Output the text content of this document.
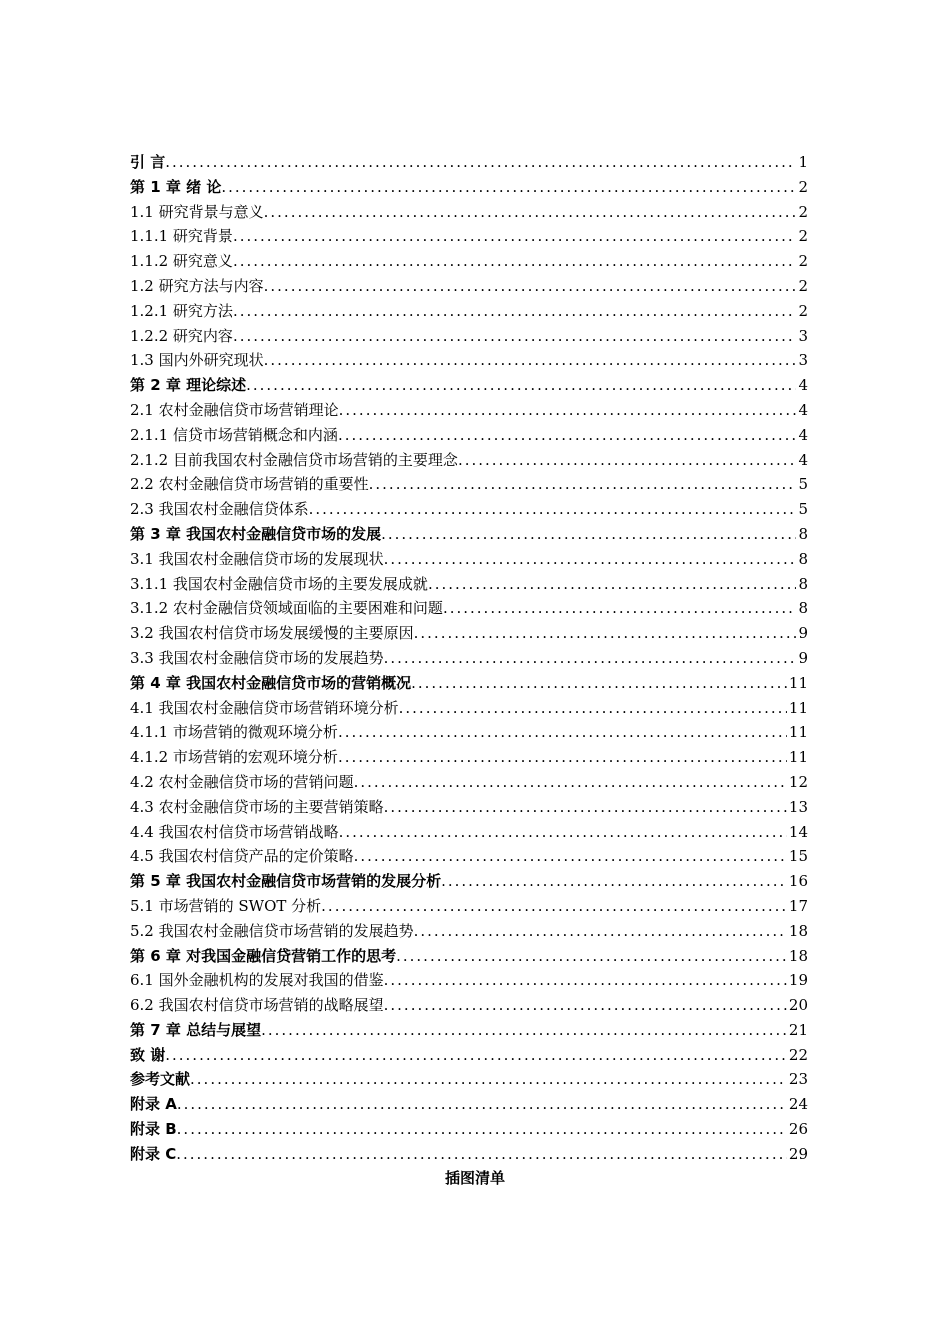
引 言 .....	1
第 1 章 绪 论 .....	2
1.1 研究背景与意义 .....	2
1.1.1 研究背景 .....	2
1.1.2 研究意义 .....	2
1.2 研究方法与内容 .....	2
1.2.1 研究方法 .....	2
1.2.2 研究内容 .....	3
1.3 国内外研究现状 .....	3
第 2 章 理论综述 .....	4
2.1 农村金融信贷市场营销理论 .....	4
2.1.1 信贷市场营销概念和内涵 .....	4
2.1.2 目前我国农村金融信贷市场营销的主要理念 .....	4
2.2 农村金融信贷市场营销的重要性 .....	5
2.3 我国农村金融信贷体系 .....	5
第 3 章 我国农村金融信贷市场的发展 .....	8
3.1 我国农村金融信贷市场的发展现状 .....	8
3.1.1 我国农村金融信贷市场的主要发展成就 .....	8
3.1.2 农村金融信贷领域面临的主要困难和问题 .....	8
3.2 我国农村信贷市场发展缓慢的主要原因 .....	9
3.3 我国农村金融信贷市场的发展趋势 .....	9
第 4 章 我国农村金融信贷市场的营销概况 .....	11
4.1 我国农村金融信贷市场营销环境分析 .....	11
4.1.1 市场营销的微观环境分析 .....	11
4.1.2 市场营销的宏观环境分析 .....	11
4.2 农村金融信贷市场的营销问题 .....	12
4.3 农村金融信贷市场的主要营销策略 .....	13
4.4 我国农村信贷市场营销战略 .....	14
4.5 我国农村信贷产品的定价策略 .....	15
第 5 章 我国农村金融信贷市场营销的发展分析 .....	16
5.1 市场营销的 SWOT 分析 .....	17
5.2 我国农村金融信贷市场营销的发展趋势 .....	18
第 6 章 对我国金融信贷营销工作的思考 .....	18
6.1 国外金融机构的发展对我国的借鉴 .....	19
6.2 我国农村信贷市场营销的战略展望 .....	20
第 7 章 总结与展望 .....	21
致 谢 .....	22
参考文献 .....	23
附录 A .....	24
附录 B .....	26
附录 C .....	29
插图清单
